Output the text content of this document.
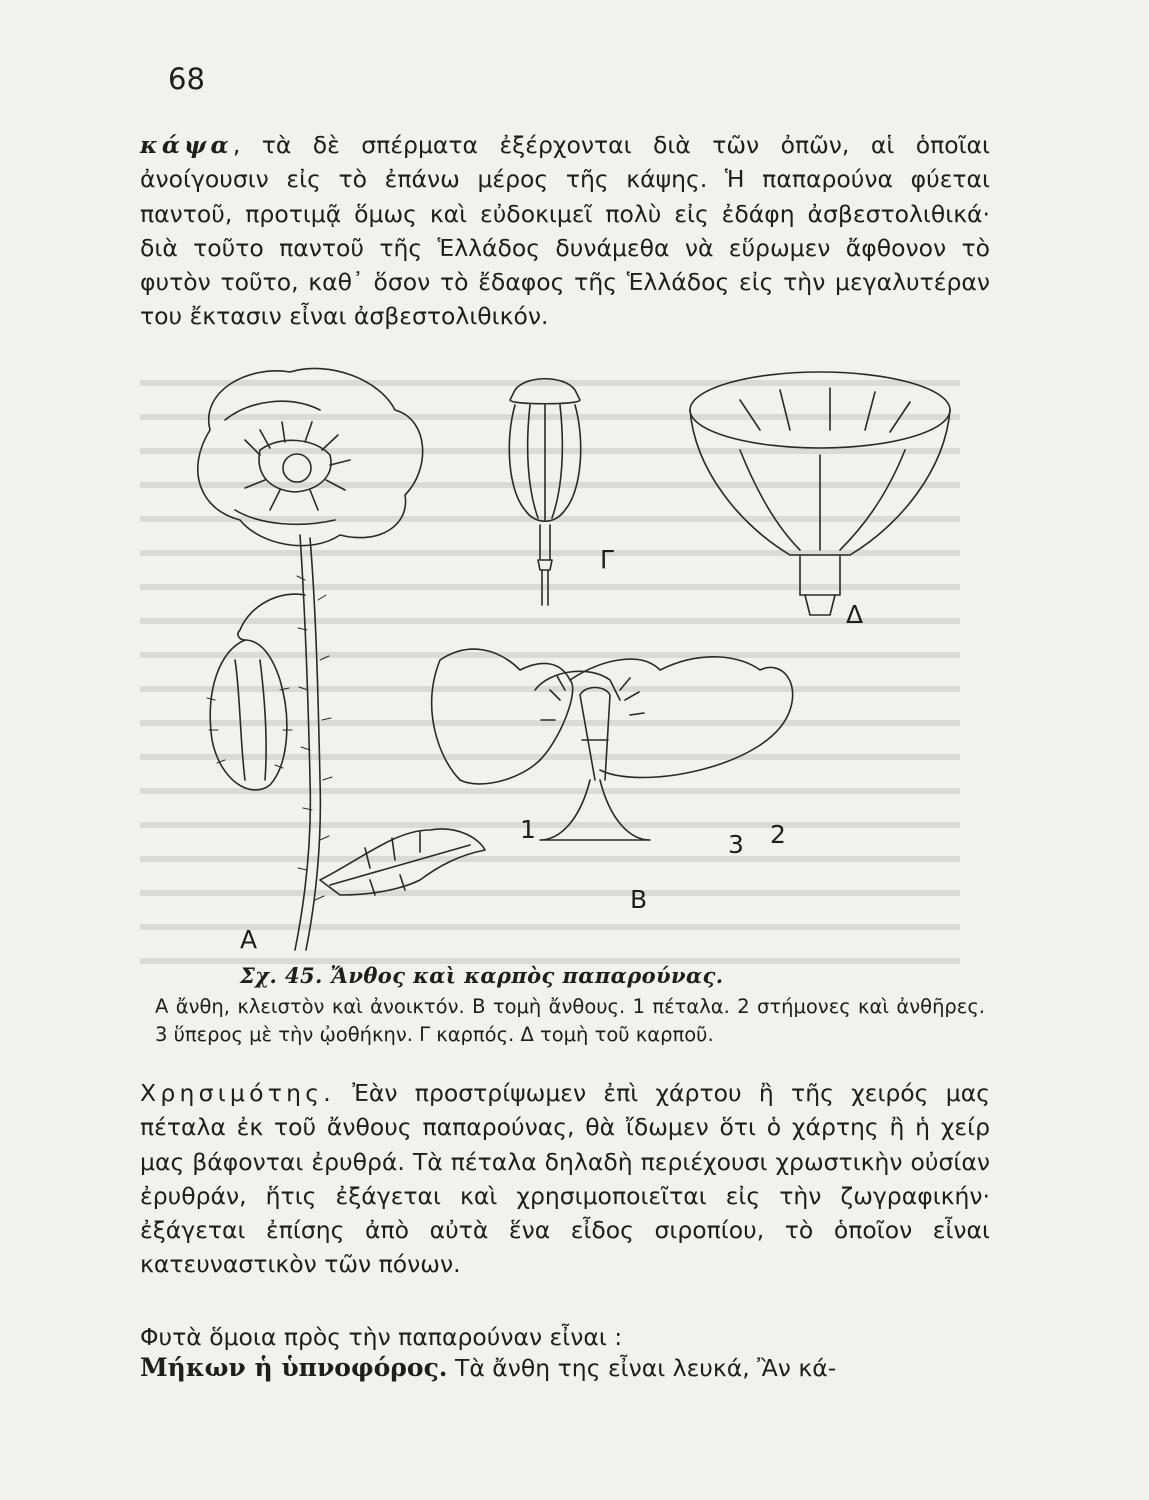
68

κάψα, τὰ δὲ σπέρματα ἐξέρχονται διὰ τῶν ὀπῶν, αἱ ὁποῖαι ἀνοίγουσιν εἰς τὸ ἐπάνω μέρος τῆς κάψης. Ἡ παπαρούνα φύεται παντοῦ, προτιμᾷ ὅμως καὶ εὐδοκιμεῖ πολὺ εἰς ἐδάφη ἀσβεστολιθικά· διὰ τοῦτο παντοῦ τῆς Ἑλλάδος δυνάμεθα νὰ εὕρωμεν ἄφθονον τὸ φυτὸν τοῦτο, καθ᾽ ὅσον τὸ ἔδαφος τῆς Ἑλλάδος εἰς τὴν μεγαλυτέραν του ἔκτασιν εἶναι ἀσβεστολιθικόν.

Α
Β
Γ
Δ
1	2
3
Σχ. 45. Ἄνθος καὶ καρπὸς παπαρούνας.
Α ἄνθη, κλειστὸν καὶ ἀνοικτόν. Β τομὴ ἄνθους. 1 πέταλα. 2 στήμονες καὶ ἀνθῆρες. 3 ὕπερος μὲ τὴν ᾠοθήκην. Γ καρπός. Δ τομὴ τοῦ καρποῦ.

Χρησιμότης. Ἐὰν προστρίψωμεν ἐπὶ χάρτου ἢ τῆς χειρός μας πέταλα ἐκ τοῦ ἄνθους παπαρούνας, θὰ ἴδωμεν ὅτι ὁ χάρτης ἢ ἡ χείρ μας βάφονται ἐρυθρά. Τὰ πέταλα δηλαδὴ περιέχουσι χρωστικὴν οὐσίαν ἐρυθράν, ἥτις ἐξάγεται καὶ χρησιμοποιεῖται εἰς τὴν ζωγραφικήν· ἐξάγεται ἐπίσης ἀπὸ αὐτὰ ἕνα εἶδος σιροπίου, τὸ ὁποῖον εἶναι κατευναστικὸν τῶν πόνων.

Φυτὰ ὅμοια πρὸς τὴν παπαρούναν εἶναι :

Μήκων ἡ ὑπνοφόρος. Τὰ ἄνθη της εἶναι λευκά, Ἂν κά-
